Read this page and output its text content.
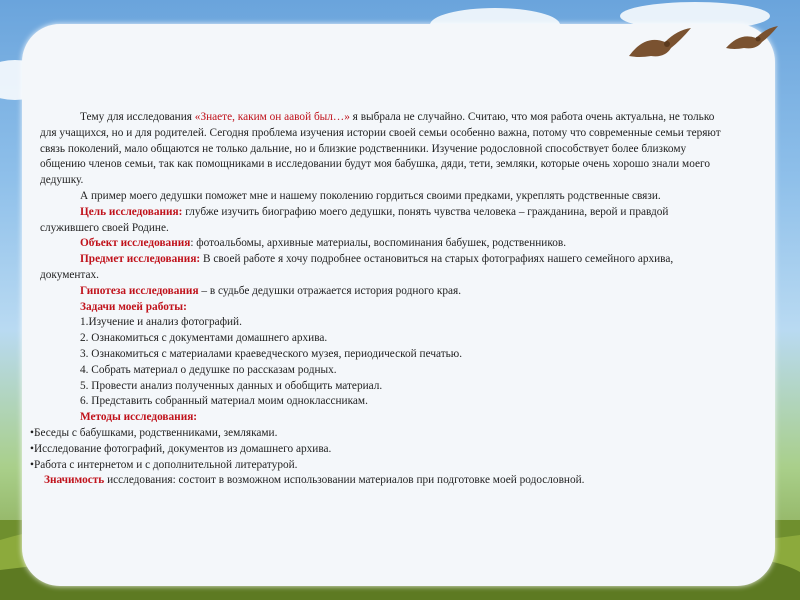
Тему для исследования «Знаете, каким он аавой был…» я выбрала не случайно. Считаю, что моя работа очень актуальна, не только для учащихся, но и для родителей. Сегодня проблема изучения истории своей семьи особенно важна, потому что современные семьи теряют связь поколений, мало общаются не только дальние, но и близкие родственники. Изучение родословной способствует более близкому общению членов семьи, так как помощниками в исследовании будут моя бабушка, дяди, тети, земляки, которые очень хорошо знали моего дедушку.

А пример моего дедушки поможет мне и нашему поколению гордиться своими предками, укреплять родственные связи.

Цель исследования: глубже изучить биографию моего дедушки, понять чувства человека – гражданина, верой и правдой служившего своей Родине.

Объект исследования: фотоальбомы, архивные материалы, воспоминания бабушек, родственников.

Предмет исследования: В своей работе я хочу подробнее остановиться на старых фотографиях нашего семейного архива, документах.

Гипотеза исследования – в судьбе дедушки отражается история родного края.

Задачи моей работы:

1.Изучение и анализ фотографий.

2. Ознакомиться с документами домашнего архива.

3. Ознакомиться с материалами краеведческого музея, периодической печатью.

4. Собрать материал о дедушке по рассказам родных.

5. Провести анализ полученных данных и обобщить материал.

6. Представить собранный материал моим одноклассникам.

Методы исследования:

•Беседы с бабушками, родственниками, земляками.

•Исследование фотографий, документов из домашнего архива.

•Работа с интернетом и с дополнительной литературой.

Значимость исследования: состоит в возможном использовании материалов при подготовке моей родословной.
